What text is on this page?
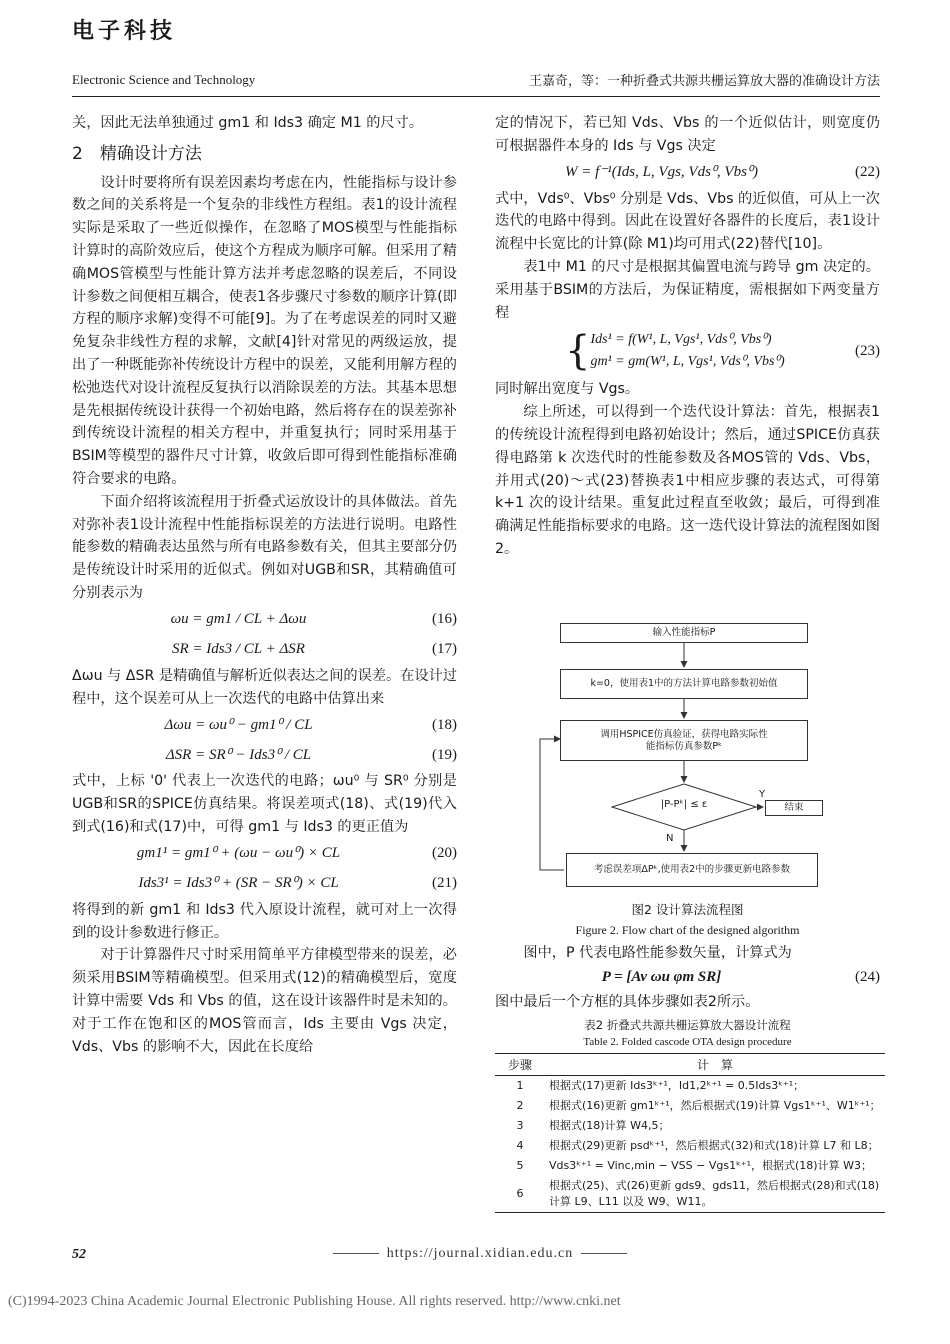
电子科技
Electronic Science and Technology	王嘉奇，等：一种折叠式共源共栅运算放大器的准确设计方法

关，因此无法单独通过 gm1 和 Ids3 确定 M1 的尺寸。

2　精确设计方法

设计时要将所有误差因素均考虑在内，性能指标与设计参数之间的关系将是一个复杂的非线性方程组。表1的设计流程实际是采取了一些近似操作，在忽略了MOS模型与性能指标计算时的高阶效应后，使这个方程成为顺序可解。但采用了精确MOS管模型与性能计算方法并考虑忽略的误差后，不同设计参数之间便相互耦合，使表1各步骤尺寸参数的顺序计算(即方程的顺序求解)变得不可能[9]。为了在考虑误差的同时又避免复杂非线性方程的求解，文献[4]针对常见的两级运放，提出了一种既能弥补传统设计方程中的误差，又能利用解方程的松弛迭代对设计流程反复执行以消除误差的方法。其基本思想是先根据传统设计获得一个初始电路，然后将存在的误差弥补到传统设计流程的相关方程中，并重复执行；同时采用基于BSIM等模型的器件尺寸计算，收敛后即可得到性能指标准确符合要求的电路。

下面介绍将该流程用于折叠式运放设计的具体做法。首先对弥补表1设计流程中性能指标误差的方法进行说明。电路性能参数的精确表达虽然与所有电路参数有关，但其主要部分仍是传统设计时采用的近似式。例如对UGB和SR，其精确值可分别表示为

ωu = gm1 / CL + Δωu	(16)
SR = Ids3 / CL + ΔSR	(17)

Δωu 与 ΔSR 是精确值与解析近似表达之间的误差。在设计过程中，这个误差可从上一次迭代的电路中估算出来

Δωu = ωu⁰ − gm1⁰ / CL	(18)
ΔSR = SR⁰ − Ids3⁰ / CL	(19)

式中，上标 '0' 代表上一次迭代的电路；ωu⁰ 与 SR⁰ 分别是UGB和SR的SPICE仿真结果。将误差项式(18)、式(19)代入到式(16)和式(17)中，可得 gm1 与 Ids3 的更正值为

gm1¹ = gm1⁰ + (ωu − ωu⁰) × CL	(20)
Ids3¹ = Ids3⁰ + (SR − SR⁰) × CL	(21)

将得到的新 gm1 和 Ids3 代入原设计流程，就可对上一次得到的设计参数进行修正。

对于计算器件尺寸时采用简单平方律模型带来的误差，必须采用BSIM等精确模型。但采用式(12)的精确模型后，宽度计算中需要 Vds 和 Vbs 的值，这在设计该器件时是未知的。对于工作在饱和区的MOS管而言，Ids 主要由 Vgs 决定，Vds、Vbs 的影响不大，因此在长度给

定的情况下，若已知 Vds、Vbs 的一个近似估计，则宽度仍可根据器件本身的 Ids 与 Vgs 决定

W = f⁻¹(Ids, L, Vgs, Vds⁰, Vbs⁰)	(22)

式中，Vds⁰、Vbs⁰ 分别是 Vds、Vbs 的近似值，可从上一次迭代的电路中得到。因此在设置好各器件的长度后，表1设计流程中长宽比的计算(除 M1)均可用式(22)替代[10]。

表1中 M1 的尺寸是根据其偏置电流与跨导 gm 决定的。采用基于BSIM的方法后，为保证精度，需根据如下两变量方程

{ Ids¹ = f(W¹, L, Vgs¹, Vds⁰, Vbs⁰)
gm¹ = gm(W¹, L, Vgs¹, Vds⁰, Vbs⁰)
(23)

同时解出宽度与 Vgs。

综上所述，可以得到一个迭代设计算法：首先，根据表1的传统设计流程得到电路初始设计；然后，通过SPICE仿真获得电路第 k 次迭代时的性能参数及各MOS管的 Vds、Vbs，并用式(20)～式(23)替换表1中相应步骤的表达式，可得第 k+1 次的设计结果。重复此过程直至收敛；最后，可得到准确满足性能指标要求的电路。这一迭代设计算法的流程图如图2。

输入性能指标P
k=0，使用表1中的方法计算电路参数初始值
调用HSPICE仿真验证，获得电路实际性
能指标仿真参数Pᵏ
|P-Pᵏ| ≤ ε
Y
N
结束
考虑误差项ΔPᵏ,使用表2中的步骤更新电路参数
图2 设计算法流程图
Figure 2. Flow chart of the designed algorithm

图中，P 代表电路性能参数矢量，计算式为

P = [Av ωu φm SR]	(24)

图中最后一个方框的具体步骤如表2所示。

表2 折叠式共源共栅运算放大器设计流程
Table 2. Folded cascode OTA design procedure
步骤	计　算
1	根据式(17)更新 Ids3ᵏ⁺¹，Id1,2ᵏ⁺¹ = 0.5Ids3ᵏ⁺¹；
2	根据式(16)更新 gm1ᵏ⁺¹，然后根据式(19)计算 Vgs1ᵏ⁺¹、W1ᵏ⁺¹；
3	根据式(18)计算 W4,5；
4	根据式(29)更新 psdᵏ⁺¹，然后根据式(32)和式(18)计算 L7 和 L8；
5	Vds3ᵏ⁺¹ = Vinc,min − VSS − Vgs1ᵏ⁺¹，根据式(18)计算 W3；
6	根据式(25)、式(26)更新 gds9、gds11，然后根据式(28)和式(18)计算 L9、L11 以及 W9、W11。
52	https://journal.xidian.edu.cn
(C)1994-2023 China Academic Journal Electronic Publishing House. All rights reserved. http://www.cnki.net
